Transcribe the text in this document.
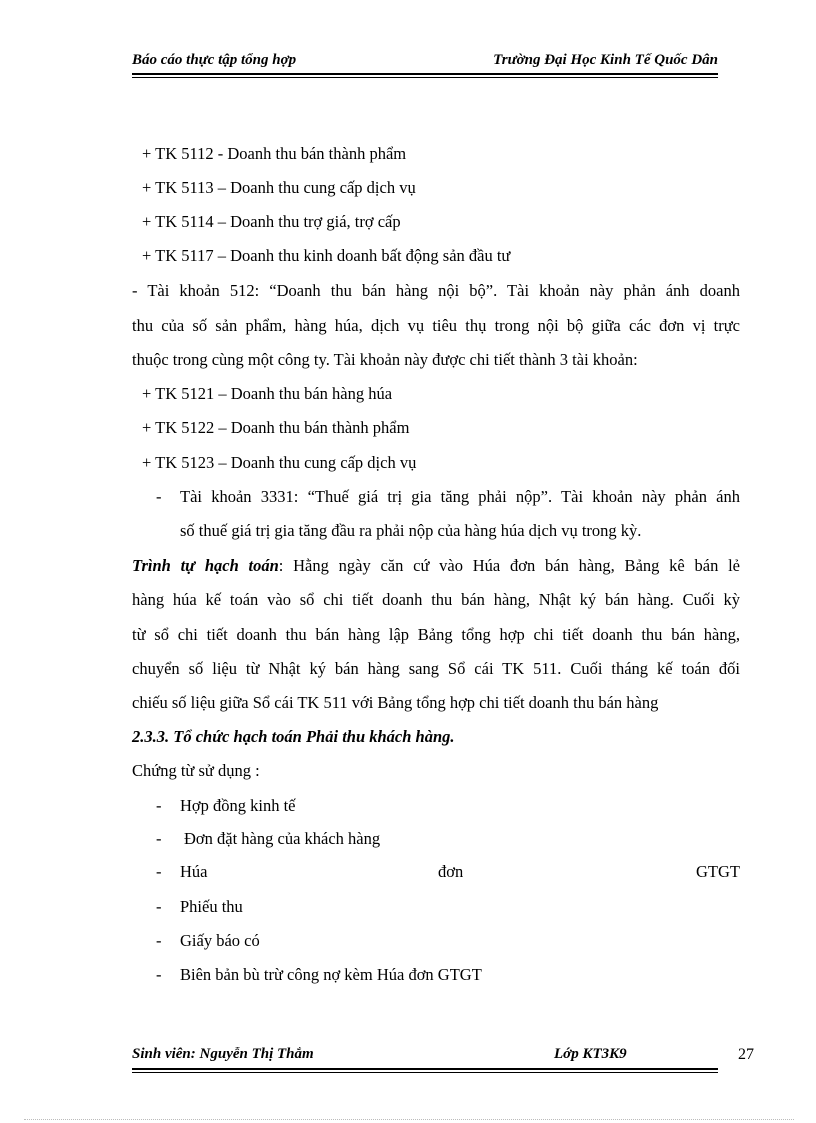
Báo cáo thực tập tổng hợp	Trường Đại Học Kinh Tế Quốc Dân
+ TK 5112 - Doanh thu bán thành phẩm
+ TK 5113 – Doanh thu cung cấp dịch vụ
+ TK 5114 – Doanh thu trợ giá, trợ cấp
+ TK 5117 – Doanh thu kinh doanh bất động sản đầu tư
- Tài khoản 512: “Doanh thu bán hàng nội bộ”. Tài khoản này phản ánh doanh
thu của số sản phẩm, hàng húa, dịch vụ tiêu thụ trong nội bộ giữa các đơn vị trực
thuộc trong cùng một công ty. Tài khoản này được chi tiết thành 3 tài khoản:
+ TK 5121 – Doanh thu bán hàng húa
+ TK 5122 – Doanh thu bán thành phẩm
+ TK 5123 – Doanh thu cung cấp dịch vụ
- Tài khoản 3331: “Thuế giá trị gia tăng phải nộp”. Tài khoản này phản ánh
số thuế giá trị gia tăng đầu ra phải nộp của hàng húa dịch vụ trong kỳ.
Trình tự hạch toán: Hằng ngày căn cứ vào Húa đơn bán hàng, Bảng kê bán lẻ
hàng húa kế toán vào sổ chi tiết doanh thu bán hàng, Nhật ký bán hàng. Cuối kỳ
từ sổ chi tiết doanh thu bán hàng lập Bảng tổng hợp chi tiết doanh thu bán hàng,
chuyển số liệu từ Nhật ký bán hàng sang Sổ cái TK 511. Cuối tháng kế toán đối
chiếu số liệu giữa Sổ cái TK 511 với Bảng tổng hợp chi tiết doanh thu bán hàng
2.3.3. Tổ chức hạch toán Phải thu khách hàng.
Chứng từ sử dụng :
- Hợp đồng kinh tế
- Đơn đặt hàng của khách hàng
- Húa	đơn	GTGT
- Phiếu thu
- Giấy báo có
- Biên bản bù trừ công nợ kèm Húa đơn GTGT
Sinh viên: Nguyễn Thị Thắm	Lớp KT3K9	27
